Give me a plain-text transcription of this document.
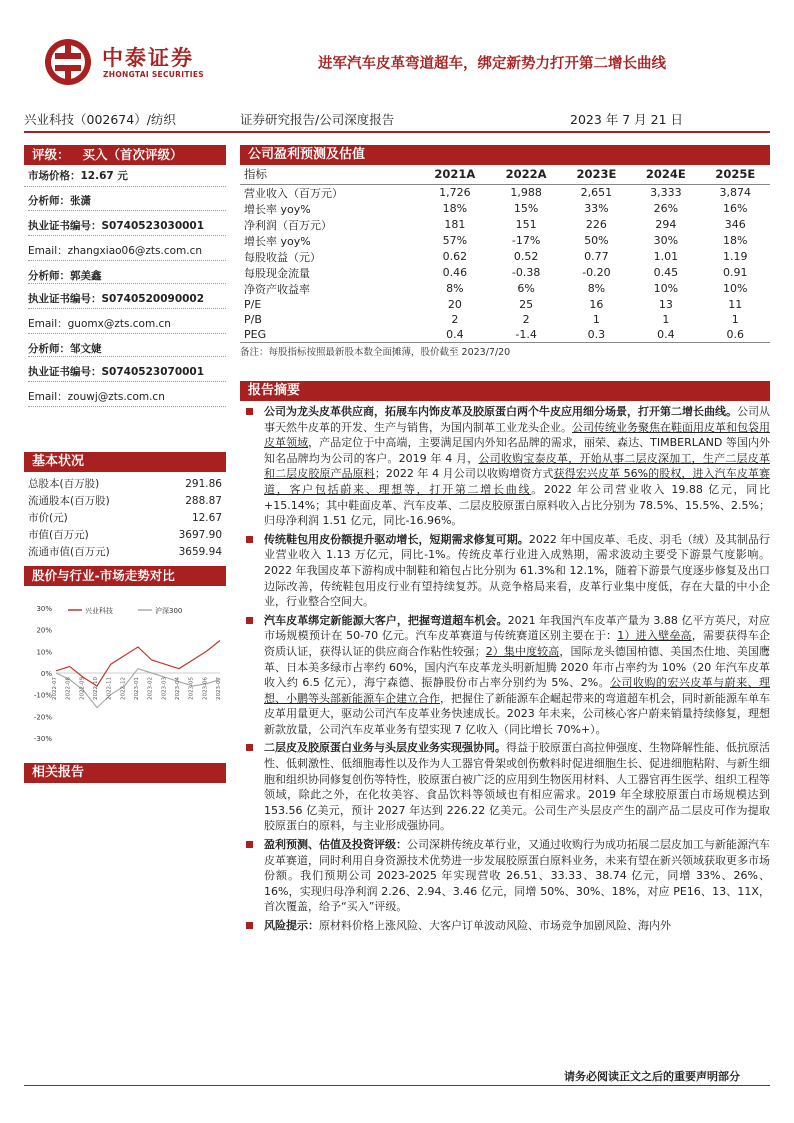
中泰证券
ZHONGTAI SECURITIES
进军汽车皮革弯道超车，绑定新势力打开第二增长曲线
兴业科技（002674）/纺织	证券研究报告/公司深度报告	2023 年 7 月 21 日
评级：   买入（首次评级）
市场价格：12.67 元
分析师：张潇
执业证书编号：S0740523030001
Email：zhangxiao06@zts.com.cn
分析师：郭美鑫
执业证书编号：S0740520090002
Email：guomx@zts.com.cn
分析师：邹文婕
执业证书编号：S0740523070001
Email：zouwj@zts.com.cn
基本状况
总股本(百万股)	291.86
流通股本(百万股)	288.87
市价(元)	12.67
市值(百万元)	3697.90
流通市值(百万元)	3659.94
股价与行业-市场走势对比
30%
20%
10%
0%
-10%
-20%
-30%
兴业科技	沪深300
2022-07 2022-08 2022-09 2022-10 2022-11 2022-12 2023-01 2023-02 2023-03 2023-04 2023-05 2023-06 2023-07
相关报告
公司盈利预测及估值
指标	2021A	2022A	2023E	2024E	2025E
营业收入（百万元）	1,726	1,988	2,651	3,333	3,874
增长率 yoy%	18%	15%	33%	26%	16%
净利润（百万元）	181	151	226	294	346
增长率 yoy%	57%	-17%	50%	30%	18%
每股收益（元）	0.62	0.52	0.77	1.01	1.19
每股现金流量	0.46	-0.38	-0.20	0.45	0.91
净资产收益率	8%	6%	8%	10%	10%
P/E	20	25	16	13	11
P/B	2	2	1	1	1
PEG	0.4	-1.4	0.3	0.4	0.6
备注：每股指标按照最新股本数全面摊薄，股价截至 2023/7/20
报告摘要
公司为龙头皮革供应商，拓展车内饰皮革及胶原蛋白两个牛皮应用细分场景，打开第二增长曲线。公司从事天然牛皮革的开发、生产与销售，为国内制革工业龙头企业。公司传统业务聚焦在鞋面用皮革和包袋用皮革领域，产品定位于中高端，主要满足国内外知名品牌的需求，丽荣、森达、TIMBERLAND 等国内外知名品牌均为公司的客户。2019 年 4 月，公司收购宝泰皮革，开始从事二层皮深加工，生产二层皮革和二层皮胶原产品原料；2022 年 4 月公司以收购增资方式获得宏兴皮革 56%的股权，进入汽车皮革赛道，客户包括蔚来、理想等，打开第二增长曲线。2022 年公司营业收入 19.88 亿元，同比+15.14%；其中鞋面皮革、汽车皮革、二层皮胶原蛋白原料收入占比分别为 78.5%、15.5%、2.5%；归母净利润 1.51 亿元，同比-16.96%。
传统鞋包用皮份额提升驱动增长，短期需求修复可期。2022 年中国皮革、毛皮、羽毛（绒）及其制品行业营业收入 1.13 万亿元，同比-1%。传统皮革行业进入成熟期，需求波动主要受下游景气度影响。2022 年我国皮革下游构成中制鞋和箱包占比分别为 61.3%和 12.1%，随着下游景气度逐步修复及出口边际改善，传统鞋包用皮行业有望持续复苏。从竞争格局来看，皮革行业集中度低，存在大量的中小企业，行业整合空间大。
汽车皮革绑定新能源大客户，把握弯道超车机会。2021 年我国汽车皮革产量为 3.88 亿平方英尺，对应市场规模预计在 50-70 亿元。汽车皮革赛道与传统赛道区别主要在于：1）进入壁垒高，需要获得车企资质认证，获得认证的供应商合作粘性较强；2）集中度较高，国际龙头德国柏德、美国杰仕地、美国鹰革、日本美多绿市占率约 60%，国内汽车皮革龙头明新旭腾 2020 年市占率约为 10%（20 年汽车皮革收入约 6.5 亿元），海宁森德、振静股份市占率分别约为 5%、2%。公司收购的宏兴皮革与蔚来、理想、小鹏等头部新能源车企建立合作，把握住了新能源车企崛起带来的弯道超车机会，同时新能源车单车皮革用量更大，驱动公司汽车皮革业务快速成长。2023 年未来，公司核心客户蔚来销量持续修复，理想新款放量，公司汽车皮革业务有望实现 7 亿收入（同比增长 70%+）。
二层皮及胶原蛋白业务与头层皮业务实现强协同。得益于胶原蛋白高拉伸强度、生物降解性能、低抗原活性、低刺激性、低细胞毒性以及作为人工器官骨架或创伤敷料时促进细胞生长、促进细胞粘附、与新生细胞和组织协同修复创伤等特性，胶原蛋白被广泛的应用到生物医用材料、人工器官再生医学、组织工程等领域，除此之外，在化妆美容、食品饮料等领域也有相应需求。2019 年全球胶原蛋白市场规模达到 153.56 亿美元，预计 2027 年达到 226.22 亿美元。公司生产头层皮产生的副产品二层皮可作为提取胶原蛋白的原料，与主业形成强协同。
盈利预测、估值及投资评级：公司深耕传统皮革行业，又通过收购行为成功拓展二层皮加工与新能源汽车皮革赛道，同时利用自身资源技术优势进一步发展胶原蛋白原料业务，未来有望在新兴领域获取更多市场份额。我们预期公司 2023-2025 年实现营收 26.51、33.33、38.74 亿元，同增 33%、26%、16%，实现归母净利润 2.26、2.94、3.46 亿元，同增 50%、30%、18%，对应 PE16、13、11X，首次覆盖，给予“买入”评级。
风险提示：原材料价格上涨风险、大客户订单波动风险、市场竞争加剧风险、海内外
请务必阅读正文之后的重要声明部分
